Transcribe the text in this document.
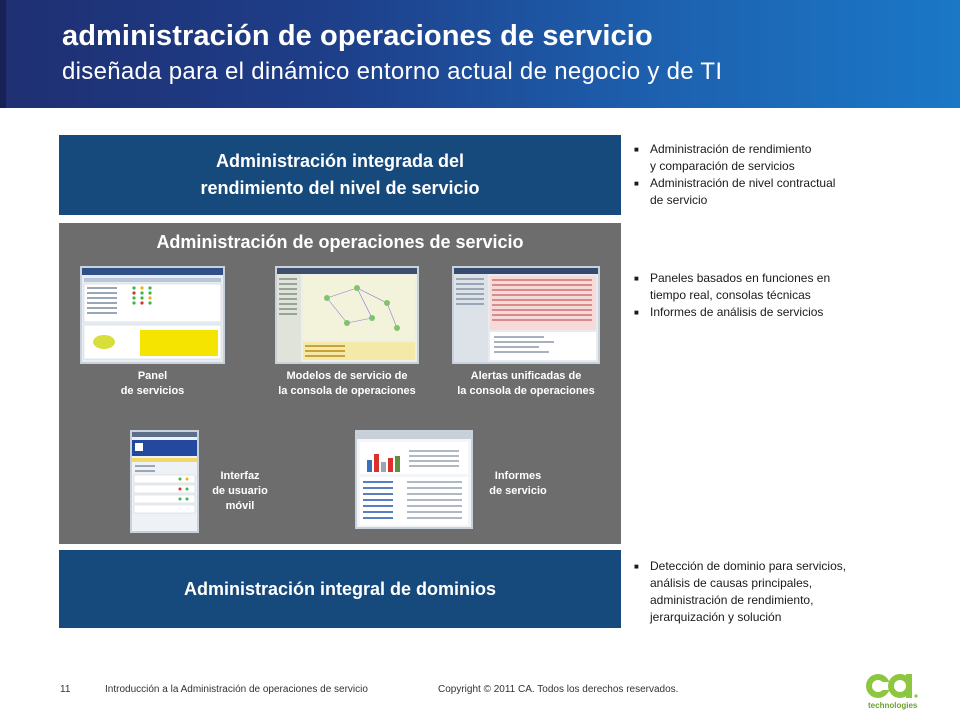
administración de operaciones de servicio
diseñada para el dinámico entorno actual de negocio y de TI
Administración integrada del
rendimiento del nivel de servicio
Administración de operaciones de servicio
Panel
de servicios
Modelos de servicio de
la consola de operaciones
Alertas unificadas de
la consola de operaciones
Interfaz
de usuario
móvil
Informes
de servicio
Administración integral de dominios
■ Administración de rendimiento
y comparación de servicios
■ Administración de nivel contractual
de servicio
■ Paneles basados en funciones en
tiempo real, consolas técnicas
■ Informes de análisis de servicios
■ Detección de dominio para servicios,
análisis de causas principales,
administración de rendimiento,
jerarquización y solución
11	Introducción a la Administración de operaciones de servicio	Copyright © 2011 CA. Todos los derechos reservados.
technologies
